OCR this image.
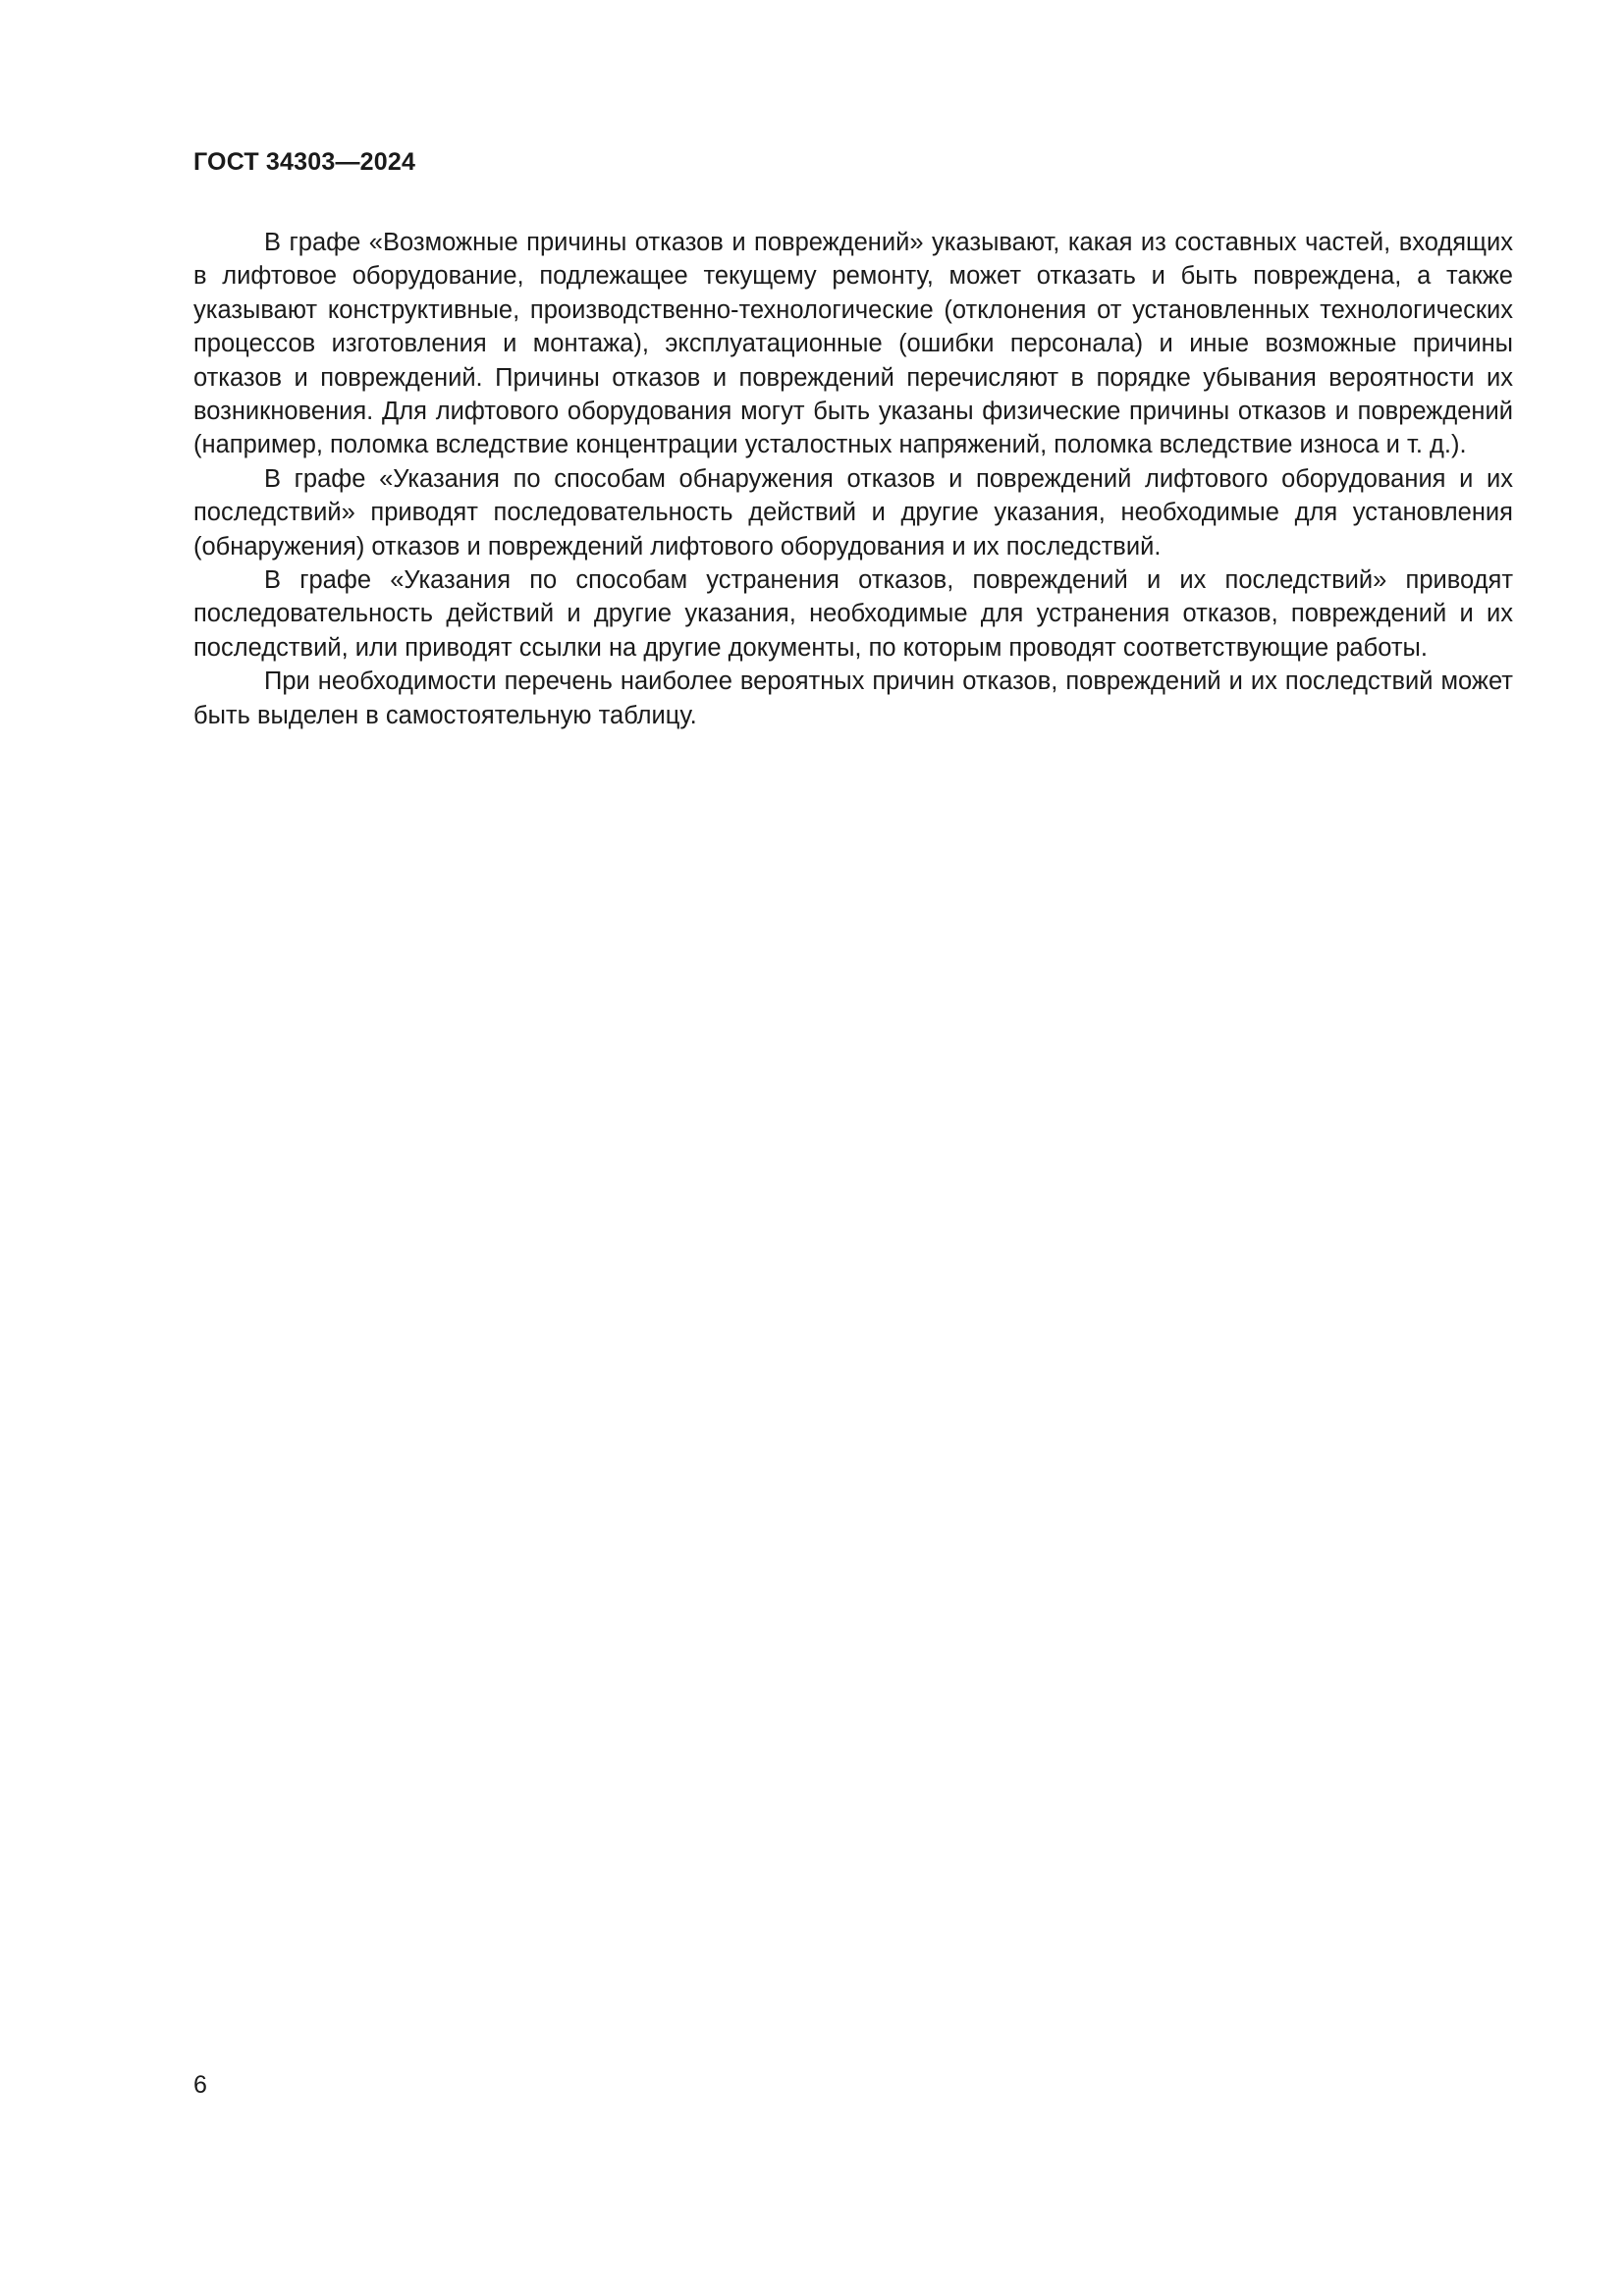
ГОСТ 34303—2024

В графе «Возможные причины отказов и повреждений» указывают, какая из составных частей, входящих в лифтовое оборудование, подлежащее текущему ремонту, может отказать и быть повреждена, а также указывают конструктивные, производственно-технологические (отклонения от установленных технологических процессов изготовления и монтажа), эксплуатационные (ошибки персонала) и иные возможные причины отказов и повреждений. Причины отказов и повреждений перечисляют в порядке убывания вероятности их возникновения. Для лифтового оборудования могут быть указаны физические причины отказов и повреждений (например, поломка вследствие концентрации усталостных напряжений, поломка вследствие износа и т. д.).

В графе «Указания по способам обнаружения отказов и повреждений лифтового оборудования и их последствий» приводят последовательность действий и другие указания, необходимые для установления (обнаружения) отказов и повреждений лифтового оборудования и их последствий.

В графе «Указания по способам устранения отказов, повреждений и их последствий» приводят последовательность действий и другие указания, необходимые для устранения отказов, повреждений и их последствий, или приводят ссылки на другие документы, по которым проводят соответствующие работы.

При необходимости перечень наиболее вероятных причин отказов, повреждений и их последствий может быть выделен в самостоятельную таблицу.

6
